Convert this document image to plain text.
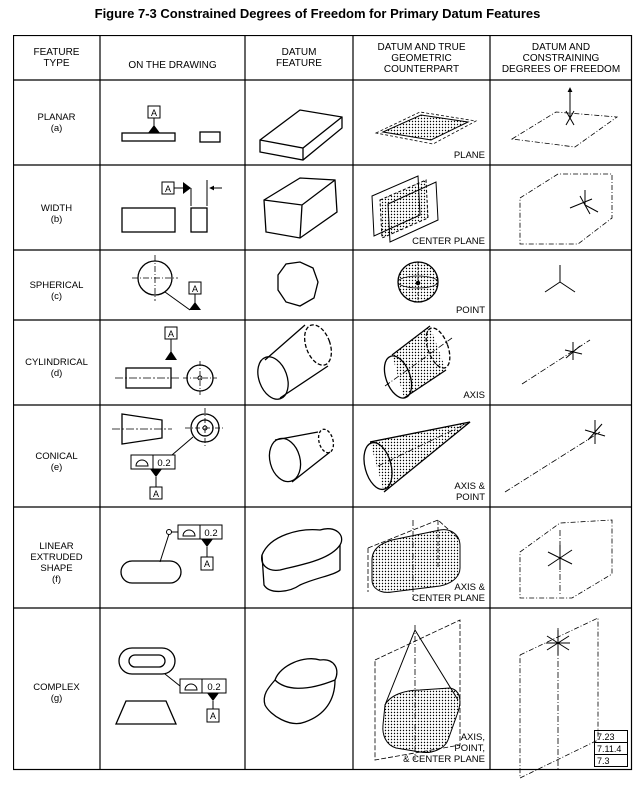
Figure 7-3 Constrained Degrees of Freedom for Primary Datum Features
FEATURE
TYPE	ON THE DRAWING
DATUM
FEATURE
DATUM AND TRUE
GEOMETRIC
COUNTERPART
DATUM AND
CONSTRAINING
DEGREES OF FREEDOM
PLANAR
(a)
WIDTH
(b)
SPHERICAL
(c)
CYLINDRICAL
(d)
CONICAL
(e)
LINEAR
EXTRUDED
SHAPE
(f)
COMPLEX
(g)
PLANE
CENTER PLANE
POINT
AXIS
AXIS &
POINT
AXIS &
CENTER PLANE
AXIS,
POINT,
& CENTER PLANE
7.23
7.11.4
7.3
A
A
A
A
0.2
A
0.2
A
0.2
A
